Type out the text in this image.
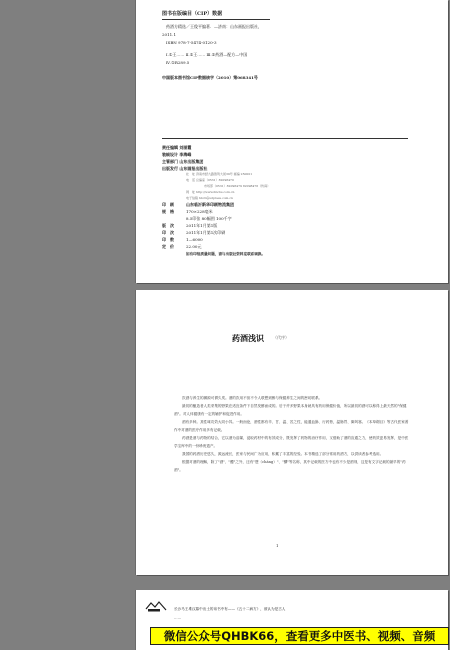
图书在版编目（CIP）数据
药酒方精选／王俊平编著．—济南：山东画报出版社，
2011.1
ISBN 978-7-5474-0120-3
Ⅰ.①王…… Ⅱ.①王…… Ⅲ.①药酒—配方—中国
Ⅳ.①R289.5
中国版本图书馆CIP数据核字（2010）第068341号
责任编辑 刘丽霞
装帧设计 李海峰
主管部门 山东出版集团
出版发行 山东画报出版社
社　址 济南市经九路胜利大街39号 邮编 250001
电　话 总编室（0531）82098470
市场部（0531）82098479 82098476（传真）
网　址 http://www.hbcbs.com.cn
电子信箱 hbcb@sdpress.com.cn
印　刷	山东临沂新华印刷物流集团
规　格	170×228毫米
8.5印张 80幅图 100千字
版　次	2011年1月第1版
印　次	2011年1月第1次印刷
印　数	1—6000
定　价	22.00元
如有印装质量问题，请与出版社资料室联系调换。
药酒浅识 （代序）

饮酒与养生的渊源可谓久矣。酒的饮用不但不令人联想到醉与保健养生之间的密切联系。

最初的酿造者人类采集的野果在适宜条件下自然发酵而成的。后于许多野果本身就具有药用保健价值，所以最初的酒可以称得上最天然的"保健酒"。对人体健康有一定的辅护和促进作用。

酒有多种。其性味功效大同小异。一般而论，酒性都有辛、甘、温、苦之性，能通血脉、行药势，温肠胃、御风寒。《本草纲目》等古代医家著作中对酒的医疗作用多有记载。

药酒是酒与药物的结合，它以酒为溶媒，浸取药材中的有效成分，既发挥了药物的治疗作用，又借助了酒的宣通之力，使药效更易发挥，是中医学宝库中的一份珍贵遗产。

我国的药酒历史悠久，源远流长，医家与民间广为应用，积累了丰富的经验。本书精选了部分常用药酒方，以供读者参考选用。

根据对酒的理解，除了"酒"、"醴"之外，还有"鬯（chàng）"、"醪"等名称，其中记载的医方中也有不少是酒剂，这是有文字记载的最早的"药酒"。

1
长沙马王堆汉墓中出土的帛书中有——《五十二病方》，被认为是古人
……
微信公众号QHBK66，查看更多中医书、视频、音频
